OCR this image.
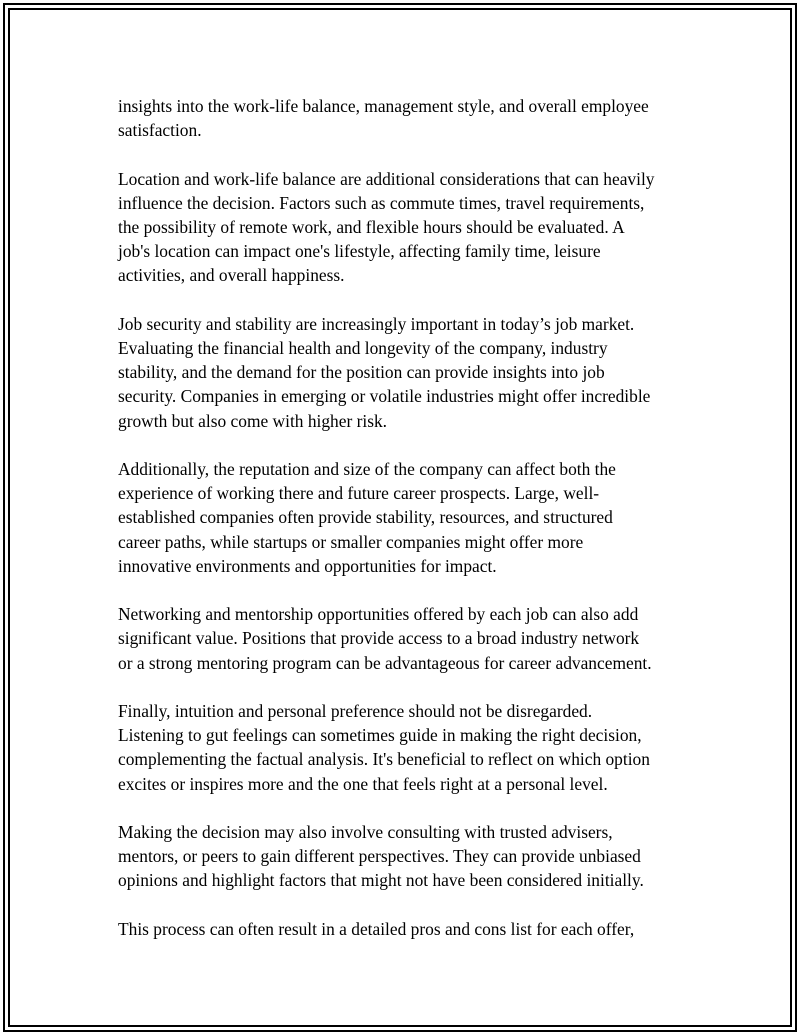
insights into the work-life balance, management style, and overall employee
satisfaction.

Location and work-life balance are additional considerations that can heavily
influence the decision. Factors such as commute times, travel requirements,
the possibility of remote work, and flexible hours should be evaluated. A
job's location can impact one's lifestyle, affecting family time, leisure
activities, and overall happiness.

Job security and stability are increasingly important in today’s job market.
Evaluating the financial health and longevity of the company, industry
stability, and the demand for the position can provide insights into job
security. Companies in emerging or volatile industries might offer incredible
growth but also come with higher risk.

Additionally, the reputation and size of the company can affect both the
experience of working there and future career prospects. Large, well-
established companies often provide stability, resources, and structured
career paths, while startups or smaller companies might offer more
innovative environments and opportunities for impact.

Networking and mentorship opportunities offered by each job can also add
significant value. Positions that provide access to a broad industry network
or a strong mentoring program can be advantageous for career advancement.

Finally, intuition and personal preference should not be disregarded.
Listening to gut feelings can sometimes guide in making the right decision,
complementing the factual analysis. It's beneficial to reflect on which option
excites or inspires more and the one that feels right at a personal level.

Making the decision may also involve consulting with trusted advisers,
mentors, or peers to gain different perspectives. They can provide unbiased
opinions and highlight factors that might not have been considered initially.

This process can often result in a detailed pros and cons list for each offer,
